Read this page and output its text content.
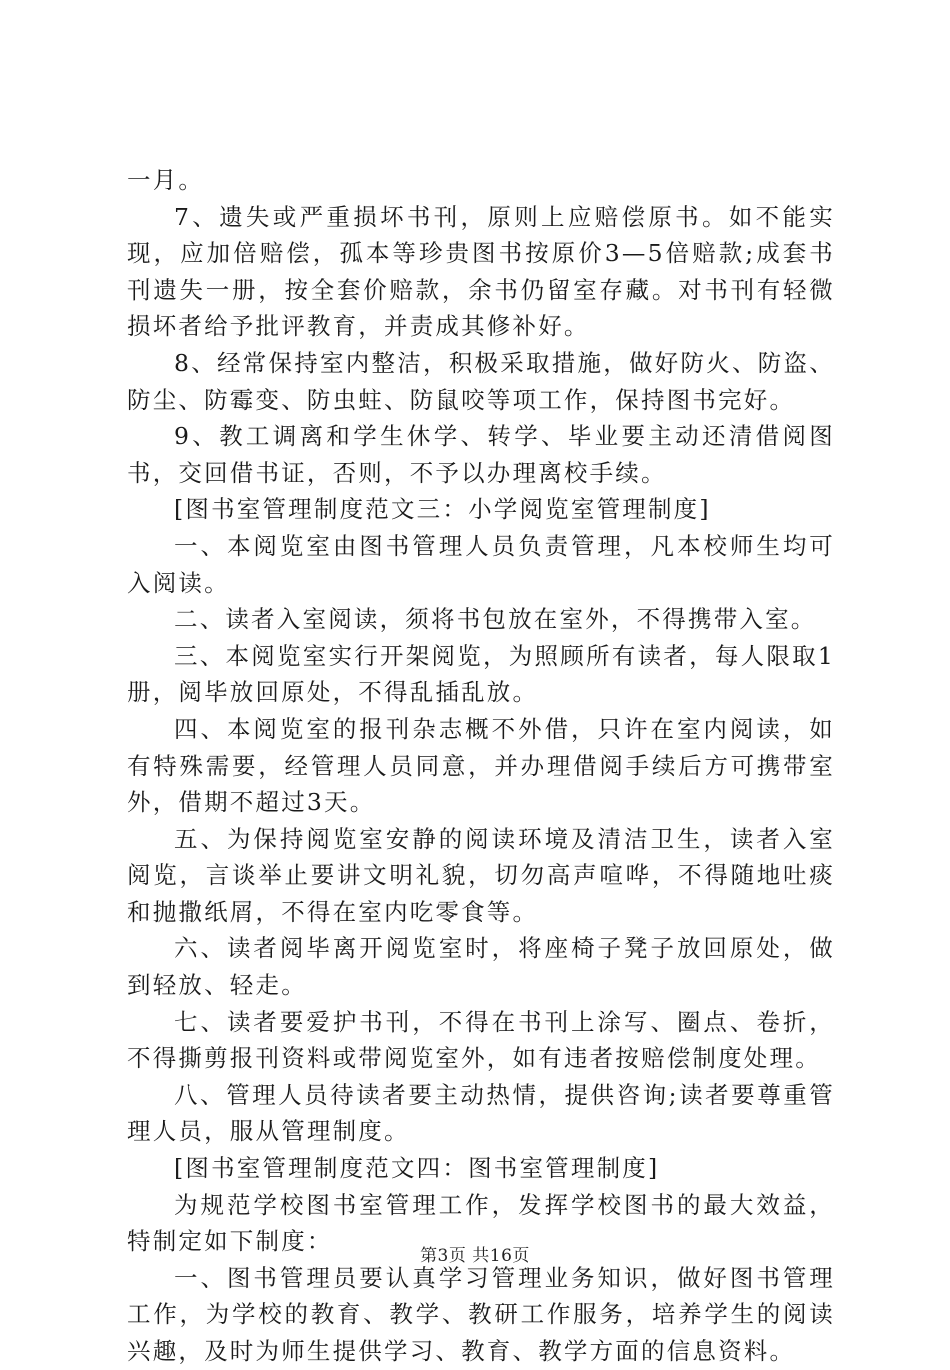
一月。

7、遗失或严重损坏书刊，原则上应赔偿原书。如不能实现，应加倍赔偿，孤本等珍贵图书按原价3—5倍赔款;成套书刊遗失一册，按全套价赔款，余书仍留室存藏。对书刊有轻微损坏者给予批评教育，并责成其修补好。

8、经常保持室内整洁，积极采取措施，做好防火、防盗、防尘、防霉变、防虫蛀、防鼠咬等项工作，保持图书完好。

9、教工调离和学生休学、转学、毕业要主动还清借阅图书，交回借书证，否则，不予以办理离校手续。

[图书室管理制度范文三：小学阅览室管理制度]

一、本阅览室由图书管理人员负责管理，凡本校师生均可入阅读。

二、读者入室阅读，须将书包放在室外，不得携带入室。

三、本阅览室实行开架阅览，为照顾所有读者，每人限取1册，阅毕放回原处，不得乱插乱放。

四、本阅览室的报刊杂志概不外借，只许在室内阅读，如有特殊需要，经管理人员同意，并办理借阅手续后方可携带室外，借期不超过3天。

五、为保持阅览室安静的阅读环境及清洁卫生，读者入室阅览，言谈举止要讲文明礼貌，切勿高声喧哗，不得随地吐痰和抛撒纸屑，不得在室内吃零食等。

六、读者阅毕离开阅览室时，将座椅子凳子放回原处，做到轻放、轻走。

七、读者要爱护书刊，不得在书刊上涂写、圈点、卷折，不得撕剪报刊资料或带阅览室外，如有违者按赔偿制度处理。

八、管理人员待读者要主动热情，提供咨询;读者要尊重管理人员，服从管理制度。

[图书室管理制度范文四：图书室管理制度]

为规范学校图书室管理工作，发挥学校图书的最大效益，特制定如下制度：

一、图书管理员要认真学习管理业务知识，做好图书管理工作，为学校的教育、教学、教研工作服务，培养学生的阅读兴趣，及时为师生提供学习、教育、教学方面的信息资料。

第3页 共16页
